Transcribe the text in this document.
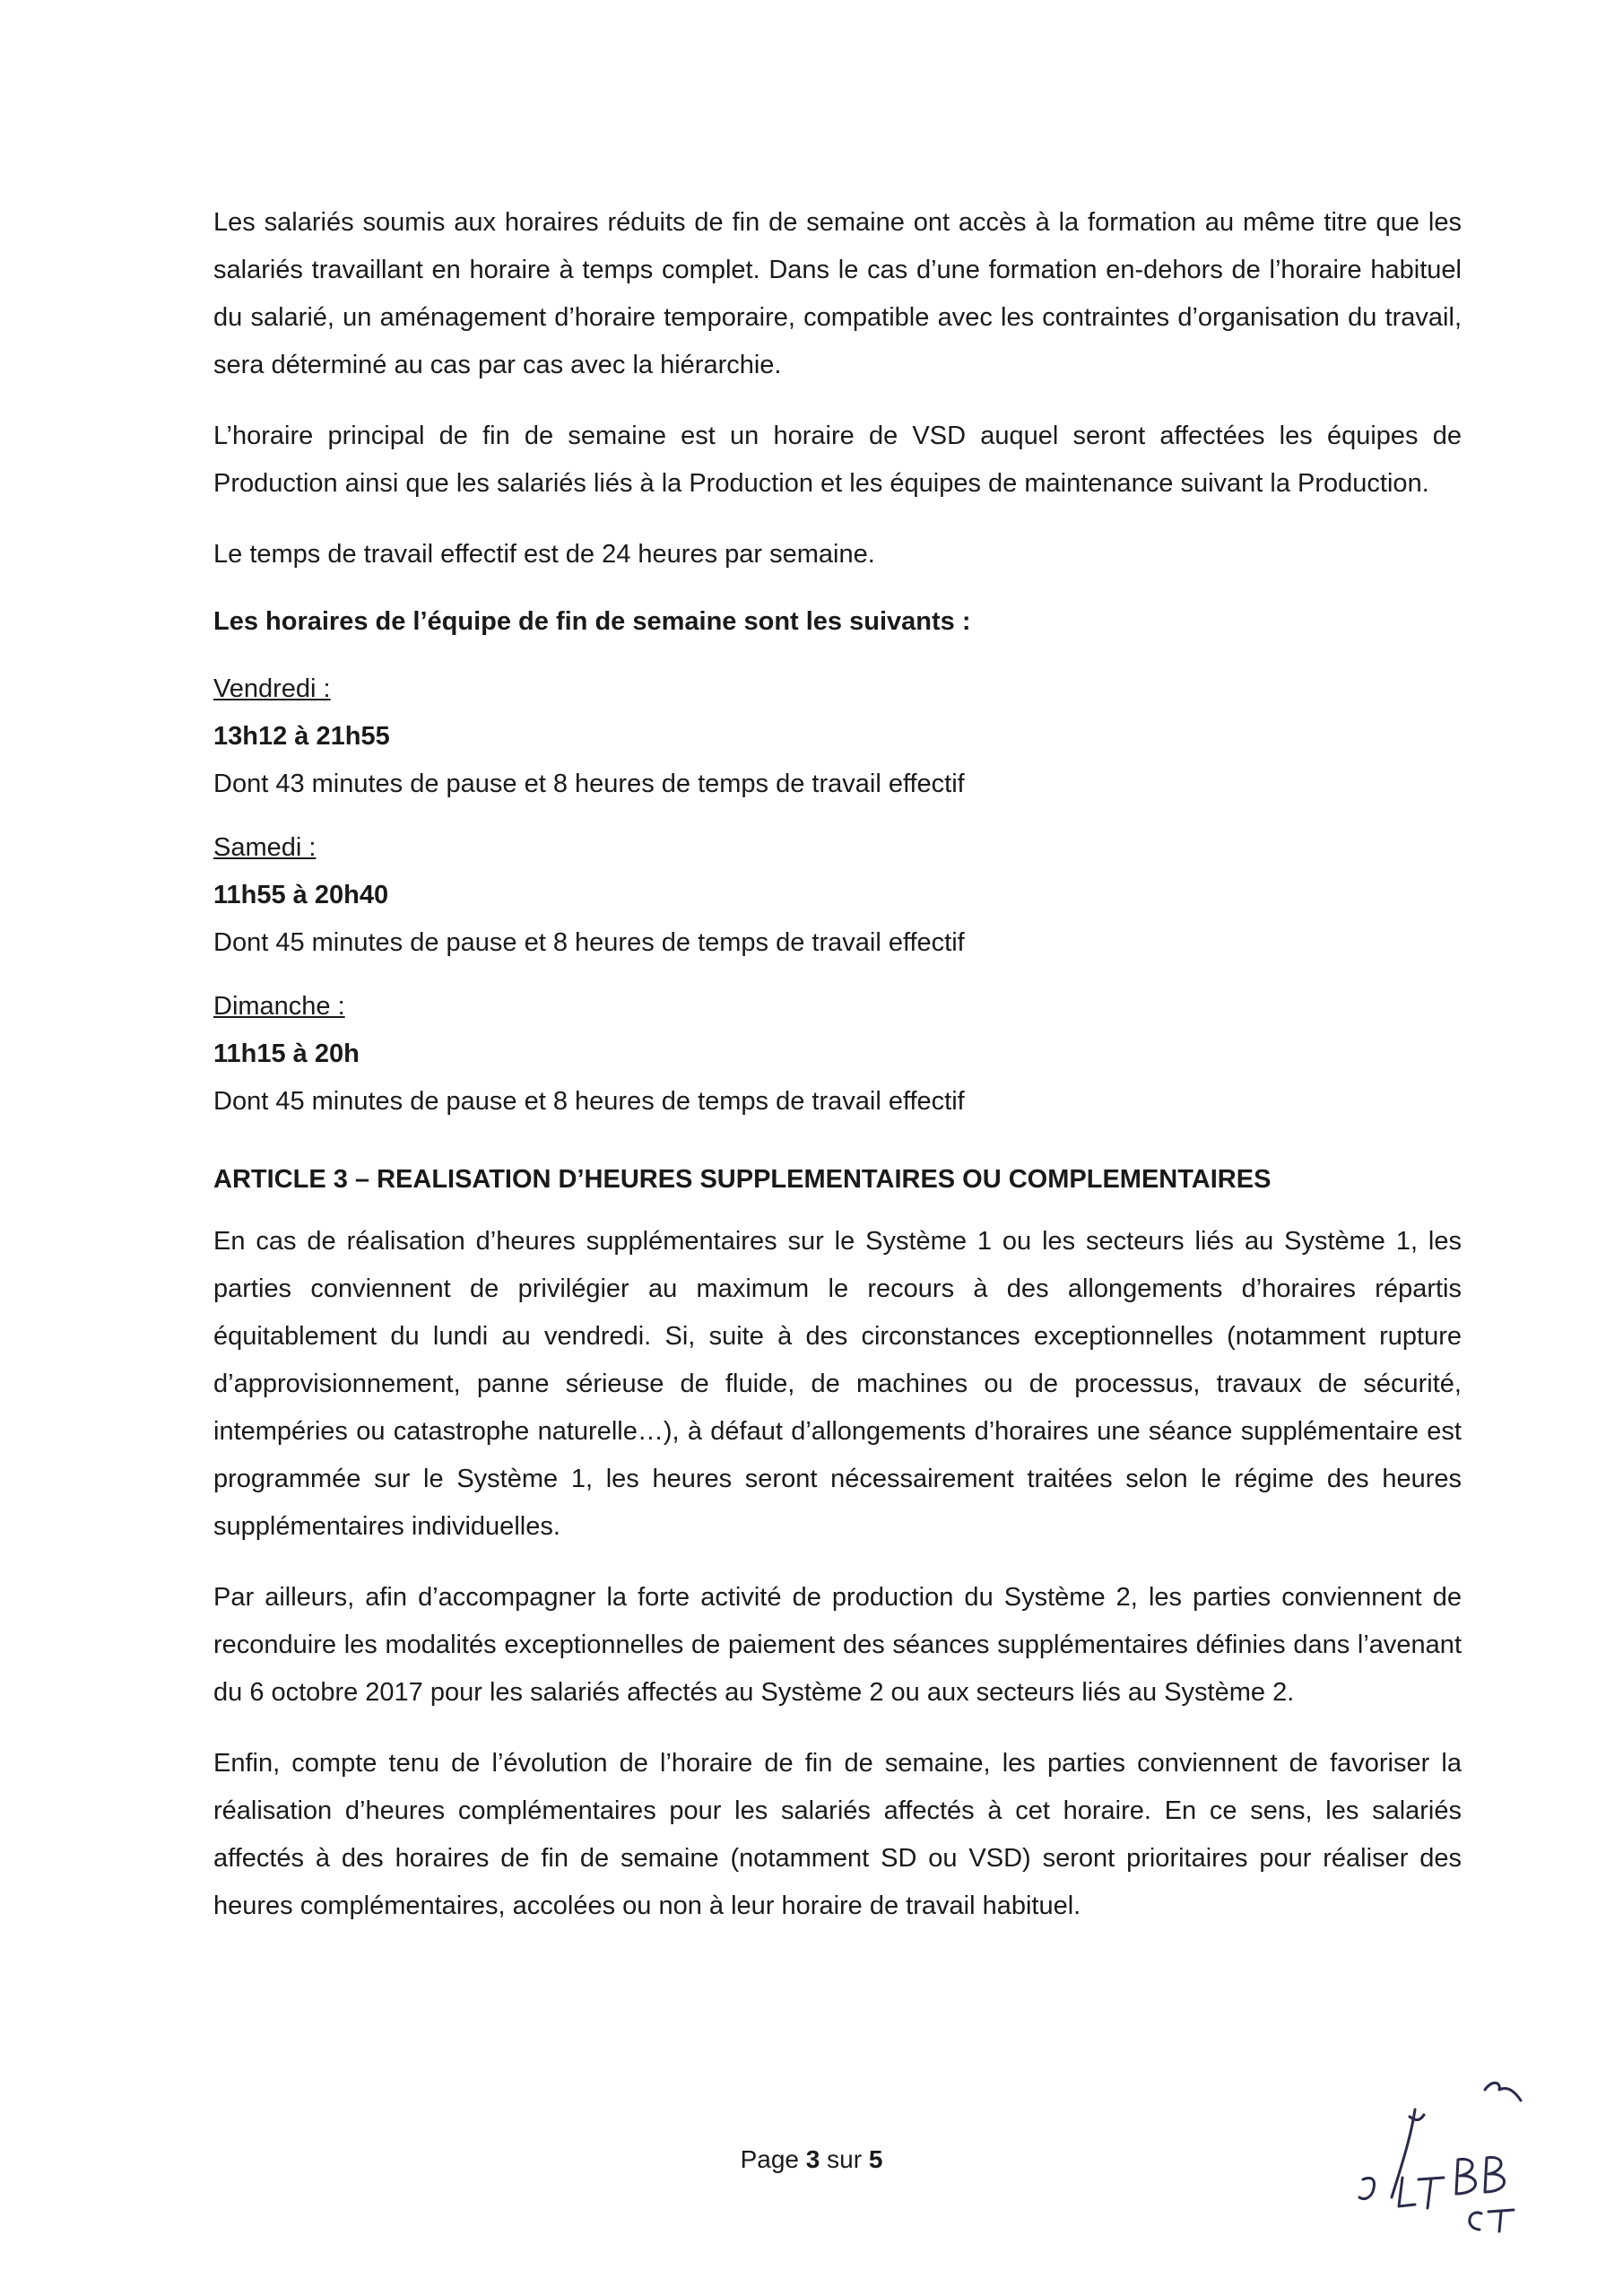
Les salariés soumis aux horaires réduits de fin de semaine ont accès à la formation au même titre que les salariés travaillant en horaire à temps complet. Dans le cas d’une formation en-dehors de l’horaire habituel du salarié, un aménagement d’horaire temporaire, compatible avec les contraintes d’organisation du travail, sera déterminé au cas par cas avec la hiérarchie.

L’horaire principal de fin de semaine est un horaire de VSD auquel seront affectées les équipes de Production ainsi que les salariés liés à la Production et les équipes de maintenance suivant la Production.

Le temps de travail effectif est de 24 heures par semaine.

Les horaires de l’équipe de fin de semaine sont les suivants :

Vendredi :

13h12 à 21h55

Dont 43 minutes de pause et 8 heures de temps de travail effectif

Samedi :

11h55 à 20h40

Dont 45 minutes de pause et 8 heures de temps de travail effectif

Dimanche :

11h15 à 20h

Dont 45 minutes de pause et 8 heures de temps de travail effectif

ARTICLE 3 – REALISATION D’HEURES SUPPLEMENTAIRES OU COMPLEMENTAIRES

En cas de réalisation d’heures supplémentaires sur le Système 1 ou les secteurs liés au Système 1, les parties conviennent de privilégier au maximum le recours à des allongements d’horaires répartis équitablement du lundi au vendredi. Si, suite à des circonstances exceptionnelles (notamment rupture d’approvisionnement, panne sérieuse de fluide, de machines ou de processus, travaux de sécurité, intempéries ou catastrophe naturelle…), à défaut d’allongements d’horaires une séance supplémentaire est programmée sur le Système 1, les heures seront nécessairement traitées selon le régime des heures supplémentaires individuelles.

Par ailleurs, afin d’accompagner la forte activité de production du Système 2, les parties conviennent de reconduire les modalités exceptionnelles de paiement des séances supplémentaires définies dans l’avenant du 6 octobre 2017 pour les salariés affectés au Système 2 ou aux secteurs liés au Système 2.

Enfin, compte tenu de l’évolution de l’horaire de fin de semaine, les parties conviennent de favoriser la réalisation d’heures complémentaires pour les salariés affectés à cet horaire. En ce sens, les salariés affectés à des horaires de fin de semaine (notamment SD ou VSD) seront prioritaires pour réaliser des heures complémentaires, accolées ou non à leur horaire de travail habituel.

Page 3 sur 5
